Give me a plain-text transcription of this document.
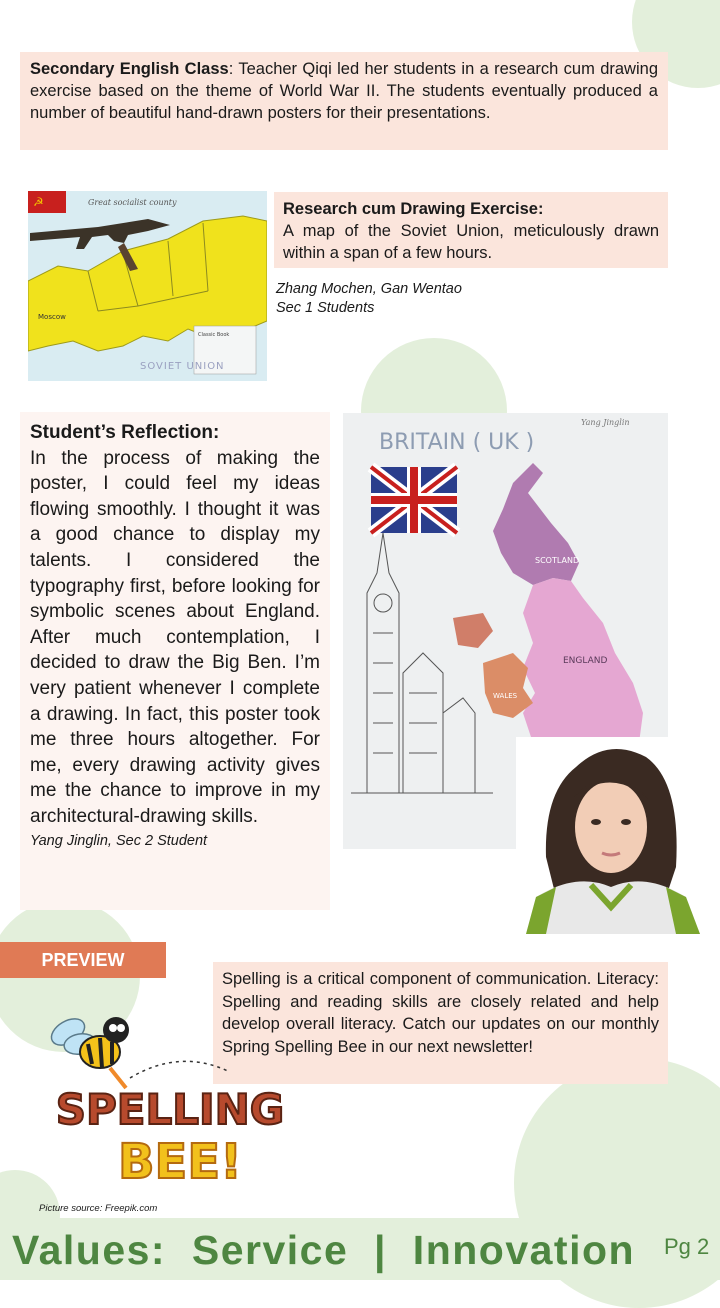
Secondary English Class: Teacher Qiqi led her students in a research cum drawing exercise based on the theme of World War II. The students eventually produced a number of beautiful hand-drawn posters for their presentations.
☭	Great socialist county
Moscow
Classic Book
SOVIET UNION
Research cum Drawing Exercise:
A map of the Soviet Union, meticulously drawn within a span of a few hours.
Zhang Mochen, Gan Wentao
Sec 1 Students
Student’s Reflection:
In the process of making the poster, I could feel my ideas flowing smoothly. I thought it was a good chance to display my talents. I considered the typography first, before looking for symbolic scenes about England. After much contemplation, I decided to draw the Big Ben. I’m very patient whenever I complete a drawing. In fact, this poster took me three hours altogether. For me, every drawing activity gives me the chance to improve in my architectural-drawing skills.
Yang Jinglin, Sec 2 Student
BRITAIN ( UK )
Yang Jinglin
SCOTLAND
ENGLAND
WALES
PREVIEW
Spelling is a critical component of communication. Literacy: Spelling and reading skills are closely related and help develop overall literacy. Catch our updates on our monthly Spring Spelling Bee in our next newsletter!
SPELLING
BEE!
Picture source: Freepik.com
Values:  Service  |  Innovation Pg 2
